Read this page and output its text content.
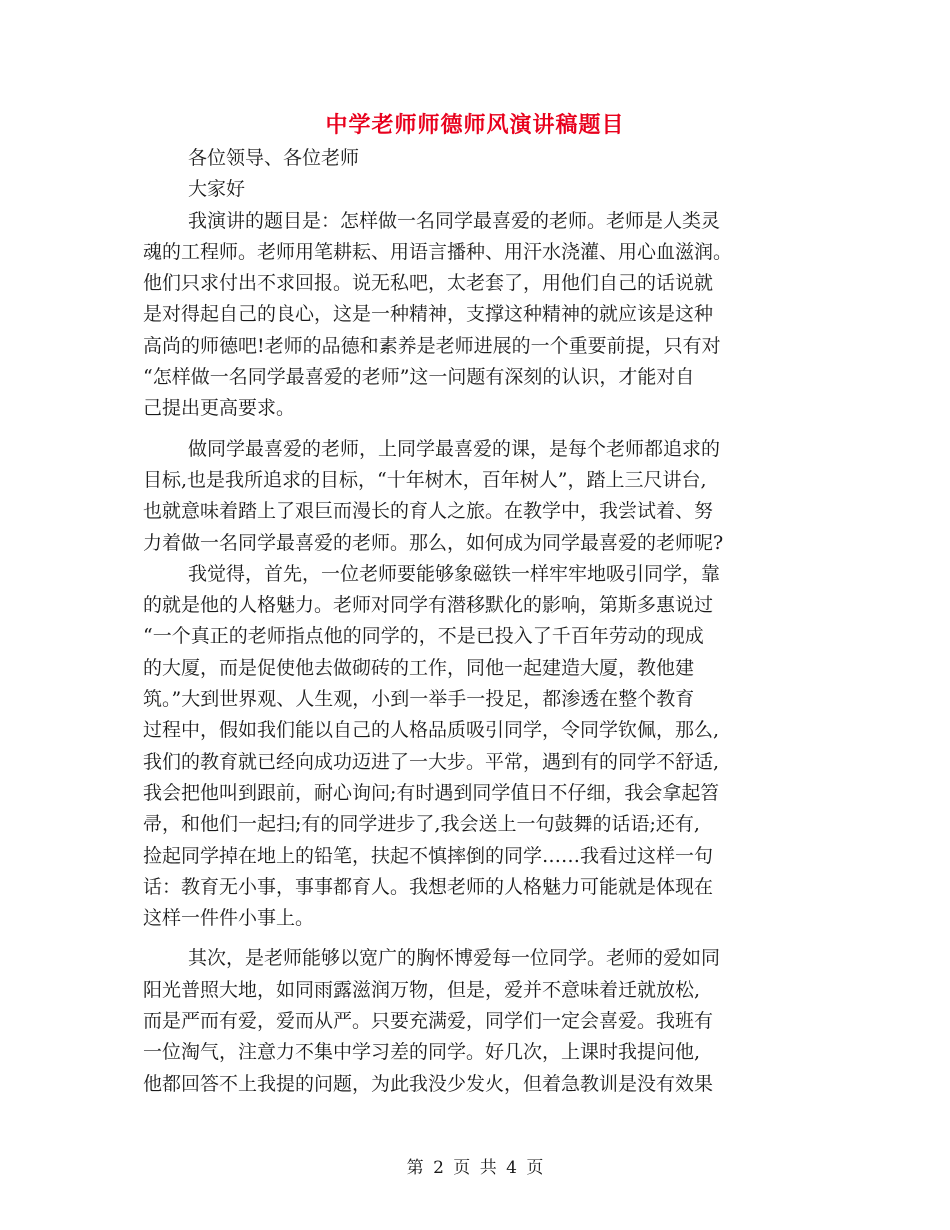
中学老师师德师风演讲稿题目
各位领导、各位老师
大家好
我演讲的题目是：怎样做一名同学最喜爱的老师。老师是人类灵
魂的工程师。老师用笔耕耘、用语言播种、用汗水浇灌、用心血滋润。
他们只求付出不求回报。说无私吧，太老套了，用他们自己的话说就
是对得起自己的良心，这是一种精神，支撑这种精神的就应该是这种
高尚的师德吧!老师的品德和素养是老师进展的一个重要前提，只有对
“怎样做一名同学最喜爱的老师”这一问题有深刻的认识，才能对自
己提出更高要求。
做同学最喜爱的老师，上同学最喜爱的课，是每个老师都追求的
目标,也是我所追求的目标，“十年树木，百年树人”，踏上三尺讲台,
也就意味着踏上了艰巨而漫长的育人之旅。在教学中，我尝试着、努
力着做一名同学最喜爱的老师。那么，如何成为同学最喜爱的老师呢?
我觉得，首先，一位老师要能够象磁铁一样牢牢地吸引同学，靠
的就是他的人格魅力。老师对同学有潜移默化的影响，第斯多惠说过
“一个真正的老师指点他的同学的，不是已投入了千百年劳动的现成
的大厦，而是促使他去做砌砖的工作，同他一起建造大厦，教他建
筑。”大到世界观、人生观，小到一举手一投足，都渗透在整个教育
过程中，假如我们能以自己的人格品质吸引同学，令同学钦佩，那么,
我们的教育就已经向成功迈进了一大步。平常，遇到有的同学不舒适,
我会把他叫到跟前，耐心询问;有时遇到同学值日不仔细，我会拿起笤
帚，和他们一起扫;有的同学进步了,我会送上一句鼓舞的话语;还有,
捡起同学掉在地上的铅笔，扶起不慎摔倒的同学……我看过这样一句
话：教育无小事，事事都育人。我想老师的人格魅力可能就是体现在
这样一件件小事上。
其次，是老师能够以宽广的胸怀博爱每一位同学。老师的爱如同
阳光普照大地，如同雨露滋润万物，但是，爱并不意味着迁就放松,
而是严而有爱，爱而从严。只要充满爱，同学们一定会喜爱。我班有
一位淘气，注意力不集中学习差的同学。好几次，上课时我提问他,
他都回答不上我提的问题，为此我没少发火，但着急教训是没有效果
第 2 页 共 4 页
